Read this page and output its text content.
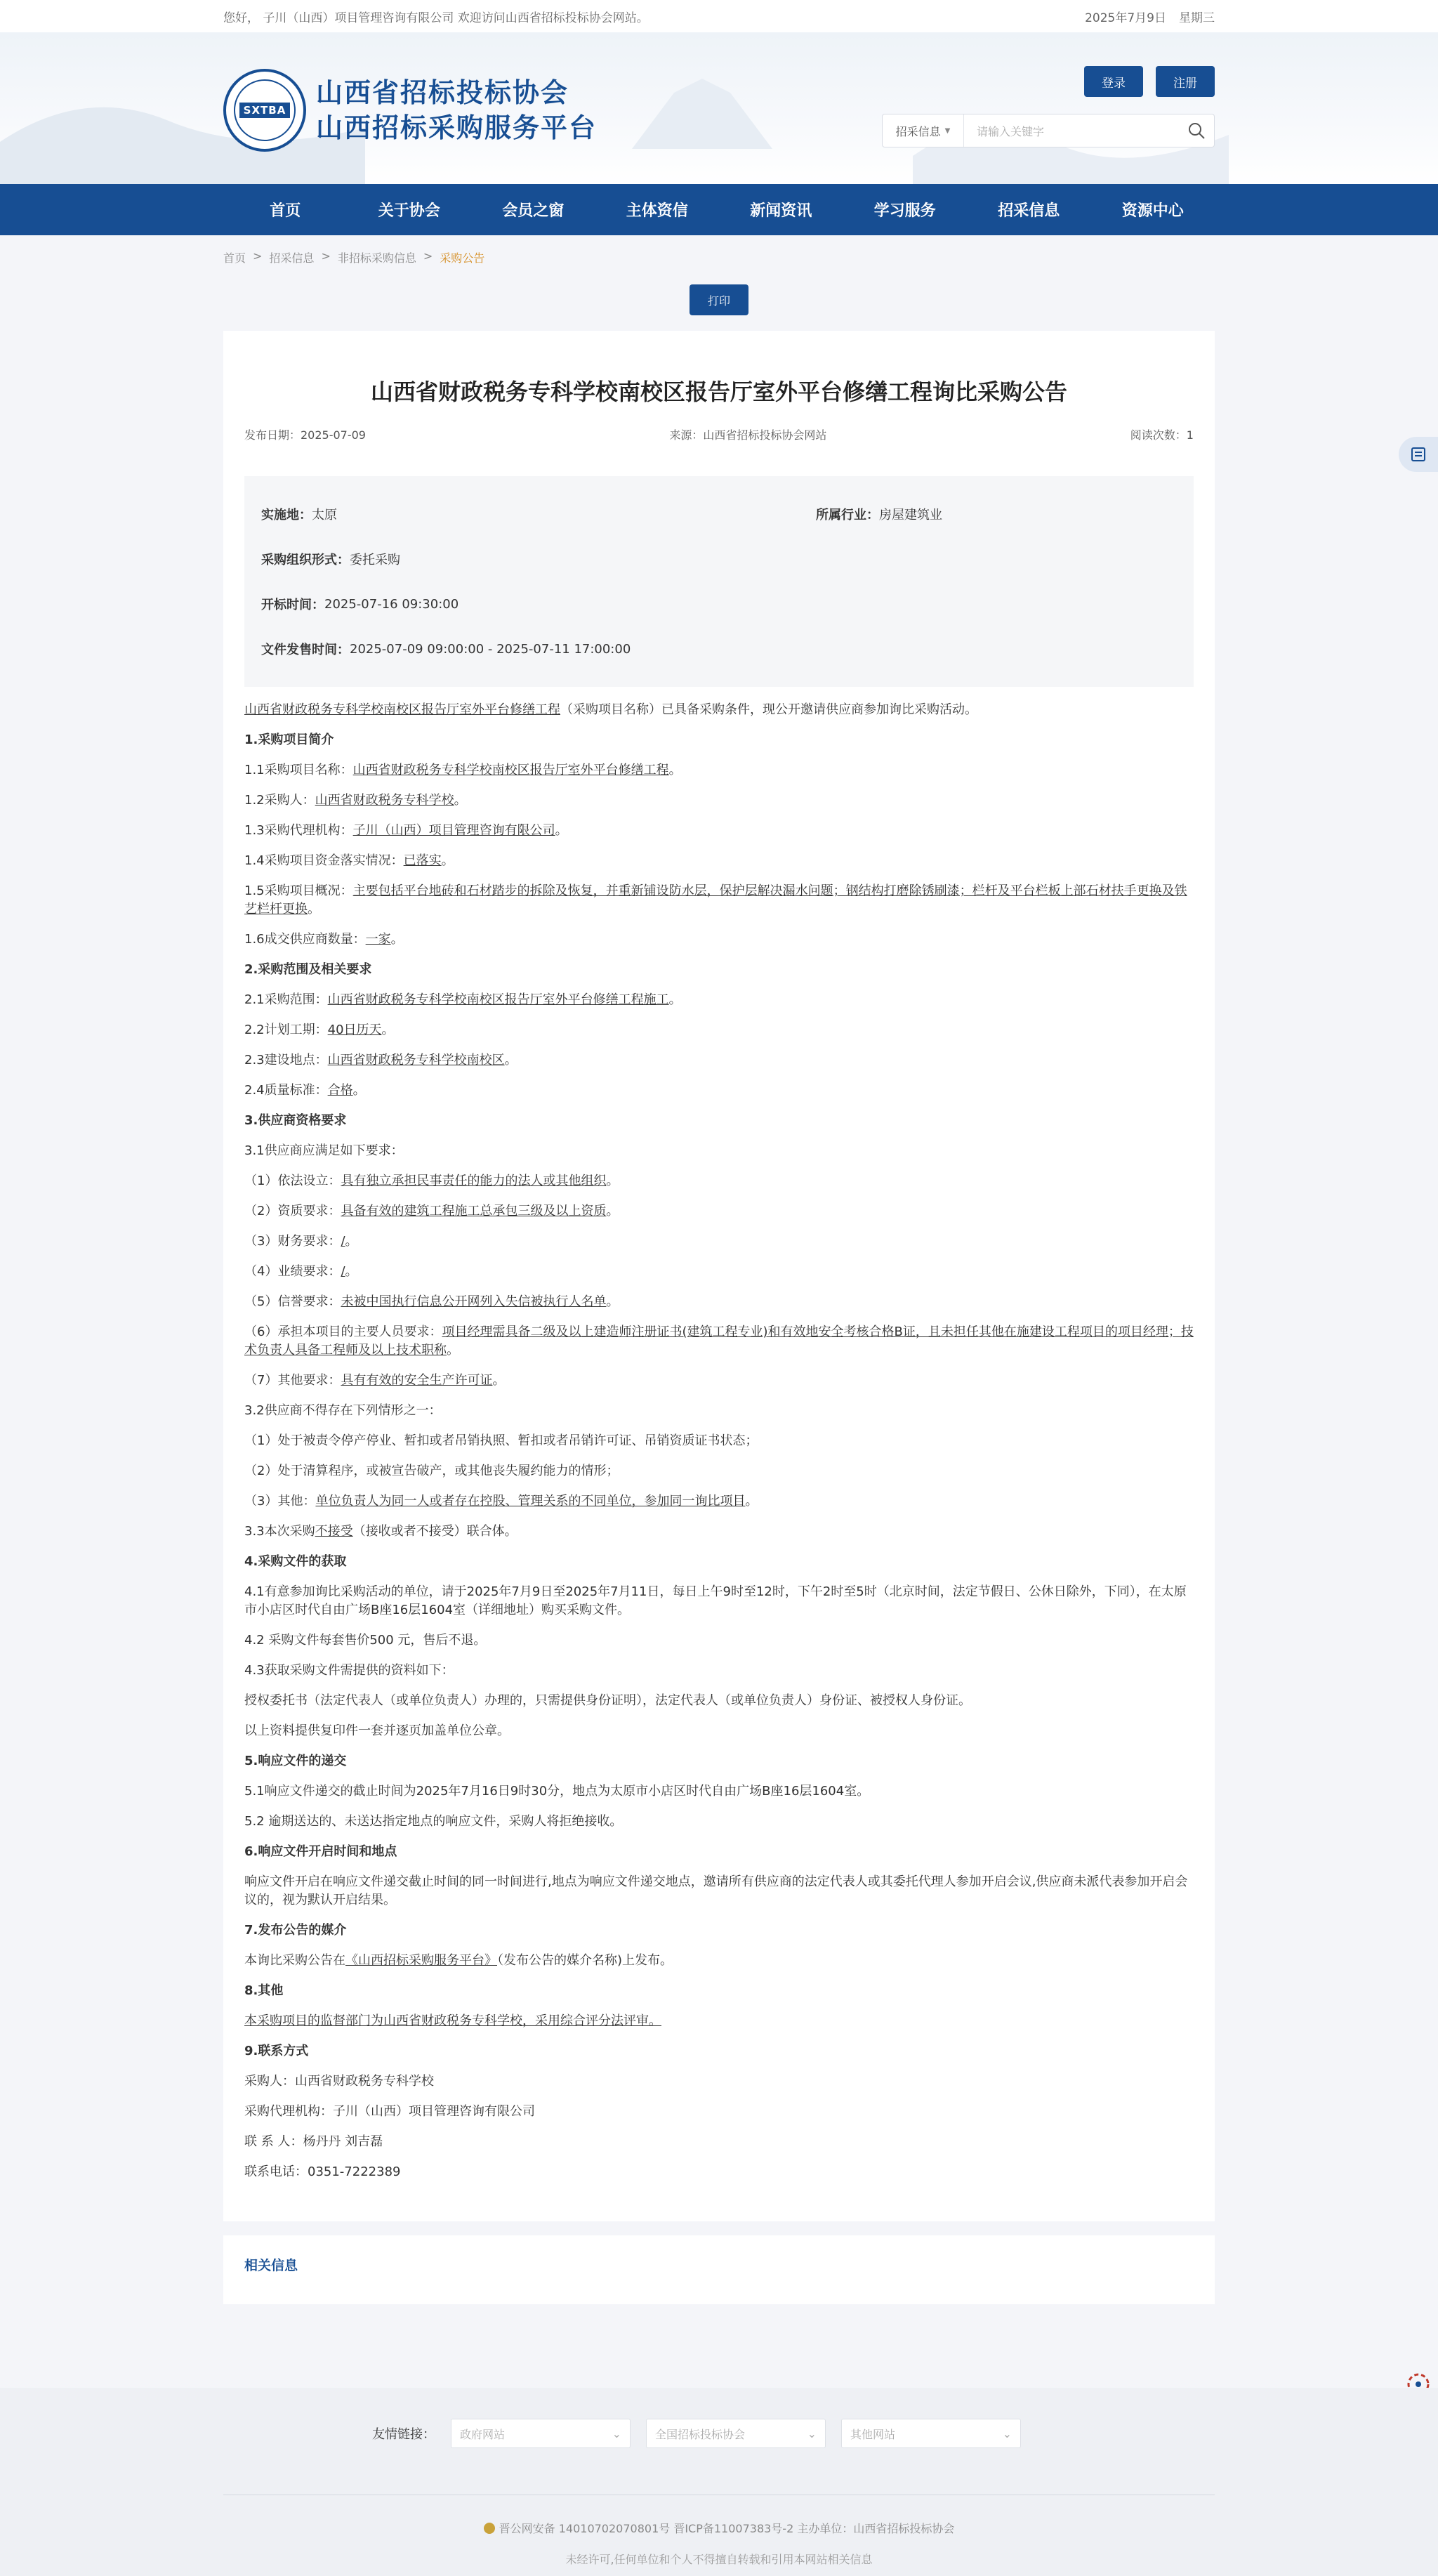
您好， 子川（山西）项目管理咨询有限公司 欢迎访问山西省招标投标协会网站。	2025年7月9日 星期三
SXTBA
山西省招标投标协会
山西招标采购服务平台
登录	注册
招采信息 ▼	请输入关键字
首页	关于协会	会员之窗	主体资信	新闻资讯	学习服务	招采信息	资源中心
首页 > 招采信息 > 非招标采购信息 > 采购公告
打印
山西省财政税务专科学校南校区报告厅室外平台修缮工程询比采购公告
发布日期：2025-07-09	来源：山西省招标投标协会网站	阅读次数：1
实施地：太原	所属行业：房屋建筑业
采购组织形式： 委托采购
开标时间： 2025-07-16 09:30:00
文件发售时间： 2025-07-09 09:00:00 - 2025-07-11 17:00:00

山西省财政税务专科学校南校区报告厅室外平台修缮工程（采购项目名称）已具备采购条件，现公开邀请供应商参加询比采购活动。

1.采购项目简介

1.1采购项目名称：山西省财政税务专科学校南校区报告厅室外平台修缮工程。

1.2采购人：山西省财政税务专科学校。

1.3采购代理机构：子川（山西）项目管理咨询有限公司。

1.4采购项目资金落实情况：已落实。

1.5采购项目概况：主要包括平台地砖和石材踏步的拆除及恢复，并重新铺设防水层，保护层解决漏水问题；钢结构打磨除锈刷漆；栏杆及平台栏板上部石材扶手更换及铁艺栏杆更换。

1.6成交供应商数量：一家。

2.采购范围及相关要求

2.1采购范围：山西省财政税务专科学校南校区报告厅室外平台修缮工程施工。

2.2计划工期：40日历天。

2.3建设地点：山西省财政税务专科学校南校区。

2.4质量标准：合格。

3.供应商资格要求

3.1供应商应满足如下要求：

（1）依法设立：具有独立承担民事责任的能力的法人或其他组织。

（2）资质要求：具备有效的建筑工程施工总承包三级及以上资质。

（3）财务要求：/。

（4）业绩要求：/。

（5）信誉要求：未被中国执行信息公开网列入失信被执行人名单。

（6）承担本项目的主要人员要求：项目经理需具备二级及以上建造师注册证书(建筑工程专业)和有效地安全考核合格B证，且未担任其他在施建设工程项目的项目经理；技术负责人具备工程师及以上技术职称。

（7）其他要求：具有有效的安全生产许可证。

3.2供应商不得存在下列情形之一：

（1）处于被责令停产停业、暂扣或者吊销执照、暂扣或者吊销许可证、吊销资质证书状态；

（2）处于清算程序，或被宣告破产，或其他丧失履约能力的情形；

（3）其他：单位负责人为同一人或者存在控股、管理关系的不同单位，参加同一询比项目。

3.3本次采购不接受（接收或者不接受）联合体。

4.采购文件的获取

4.1有意参加询比采购活动的单位，请于2025年7月9日至2025年7月11日，每日上午9时至12时，下午2时至5时（北京时间，法定节假日、公休日除外，下同），在太原市小店区时代自由广场B座16层1604室（详细地址）购买采购文件。

4.2 采购文件每套售价500 元，售后不退。

4.3获取采购文件需提供的资料如下：

授权委托书（法定代表人（或单位负责人）办理的，只需提供身份证明），法定代表人（或单位负责人）身份证、被授权人身份证。

以上资料提供复印件一套并逐页加盖单位公章。

5.响应文件的递交

5.1响应文件递交的截止时间为2025年7月16日9时30分，地点为太原市小店区时代自由广场B座16层1604室。

5.2 逾期送达的、未送达指定地点的响应文件，采购人将拒绝接收。

6.响应文件开启时间和地点

响应文件开启在响应文件递交截止时间的同一时间进行,地点为响应文件递交地点，邀请所有供应商的法定代表人或其委托代理人参加开启会议,供应商未派代表参加开启会议的，视为默认开启结果。

7.发布公告的媒介

本询比采购公告在《山西招标采购服务平台》（发布公告的媒介名称)上发布。

8.其他

本采购项目的监督部门为山西省财政税务专科学校，采用综合评分法评审。

9.联系方式

采购人：山西省财政税务专科学校

采购代理机构：子川（山西）项目管理咨询有限公司

联 系 人：杨丹丹 刘吉磊

联系电话：0351-7222389

相关信息
友情链接： 政府网站	⌄	全国招标投标协会	⌄	其他网站	⌄
晋公网安备 14010702070801号 晋ICP备11007383号-2 主办单位：山西省招标投标协会
未经许可,任何单位和个人不得擅自转载和引用本网站相关信息
